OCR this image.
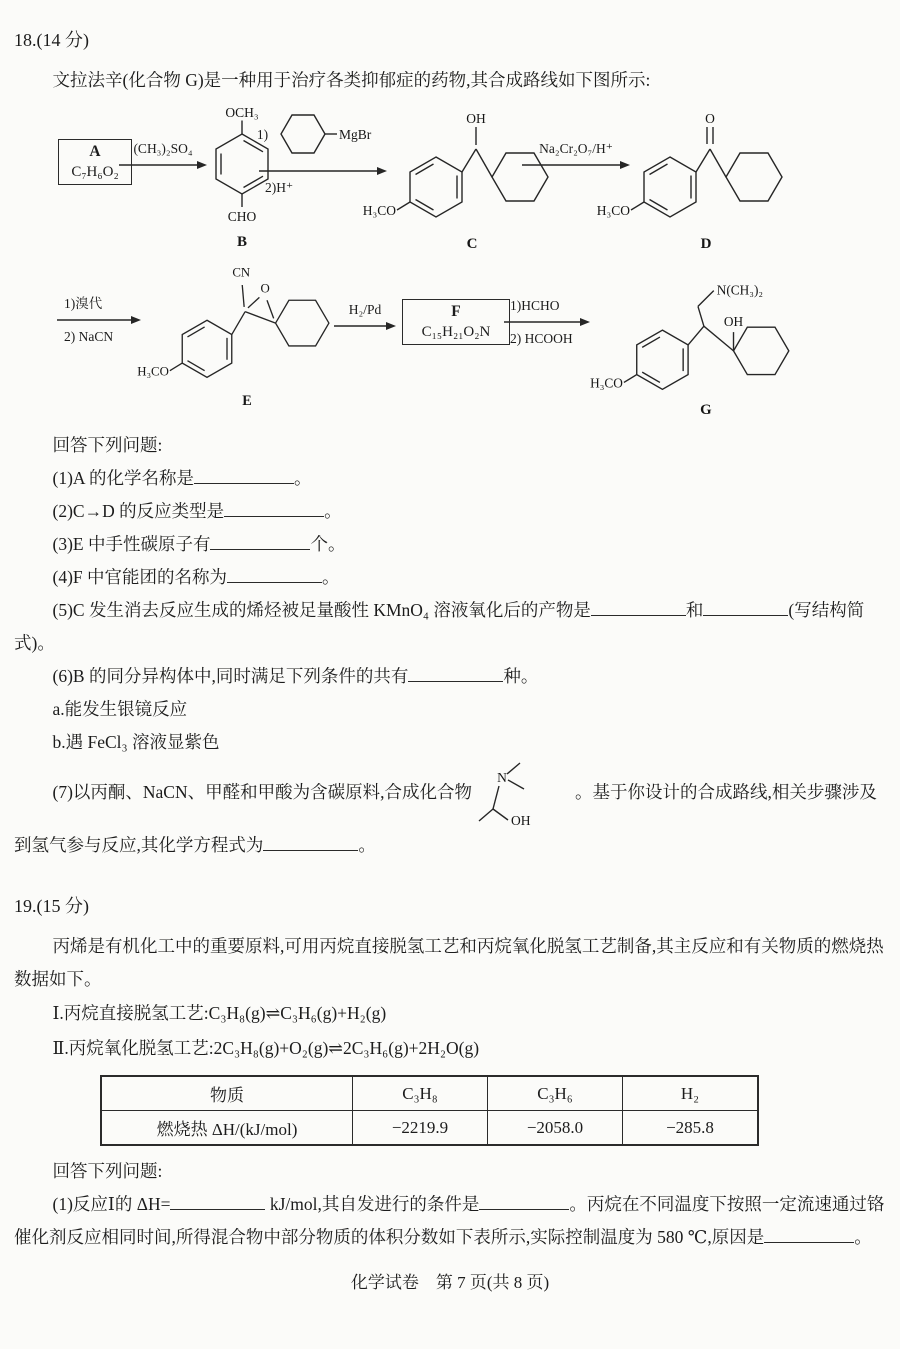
18.(14 分)

文拉法辛(化合物 G)是一种用于治疗各类抑郁症的药物,其合成路线如下图所示:

A
C₇H₆O₂
(CH₃)₂SO₄
OCH₃
CHO
B
1)	MgBr
2)H⁺
OH
H₃CO
C
Na₂Cr₂O₇/H⁺
O
H₃CO
D
1)溴代
2) NaCN
CN
H₃CO
O
E
H₂/Pd	F
C₁₅H₂₁O₂N
1)HCHO
2) HCOOH
N(CH₃)₂
H₃CO
OH
G

回答下列问题:

(1)A 的化学名称是	。

(2)C→D 的反应类型是	。

(3)E 中手性碳原子有	个。

(4)F 中官能团的名称为	。

(5)C 发生消去反应生成的烯烃被足量酸性 KMnO₄ 溶液氧化后的产物是	和	(写结构简式)。

(6)B 的同分异构体中,同时满足下列条件的共有	种。

a.能发生银镜反应

b.遇 FeCl₃ 溶液显紫色

(7)以丙酮、NaCN、甲醛和甲酸为含碳原料,合成化合物
N
OH
。基于你设计的合成路线,相关步骤涉及到氢气参与反应,其化学方程式为	。

19.(15 分)

丙烯是有机化工中的重要原料,可用丙烷直接脱氢工艺和丙烷氧化脱氢工艺制备,其主反应和有关物质的燃烧热数据如下。

Ⅰ.丙烷直接脱氢工艺:C₃H₈(g)⇌C₃H₆(g)+H₂(g)

Ⅱ.丙烷氧化脱氢工艺:2C₃H₈(g)+O₂(g)⇌2C₃H₆(g)+2H₂O(g)

物质	C₃H₈	C₃H₆	H₂
燃烧热 ΔH/(kJ/mol)	−2219.9	−2058.0	−285.8

回答下列问题:

(1)反应Ⅰ的 ΔH=	kJ/mol,其自发进行的条件是	。丙烷在不同温度下按照一定流速通过铬催化剂反应相同时间,所得混合物中部分物质的体积分数如下表所示,实际控制温度为 580 ℃,原因是	。

化学试卷　第 7 页(共 8 页)
